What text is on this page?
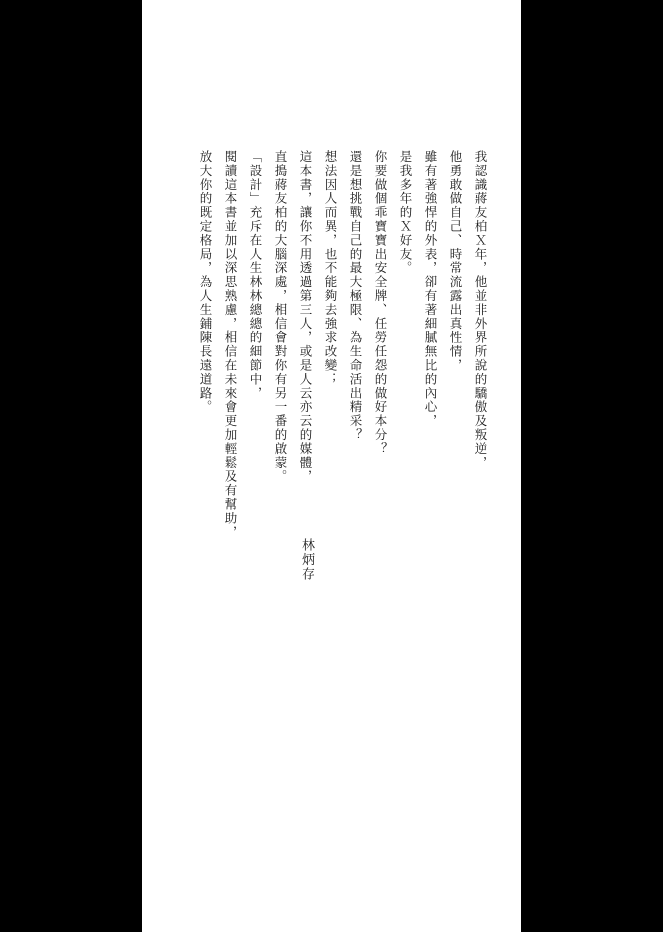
我認識蔣友柏Ｘ年，他並非外界所說的驕傲及叛逆，
他勇敢做自己、時常流露出真性情，
雖有著強悍的外表，卻有著細膩無比的內心，
是我多年的Ｘ好友。
你要做個乖寶寶出安全牌、任勞任怨的做好本分？
還是想挑戰自己的最大極限、為生命活出精采？
想法因人而異，也不能夠去強求改變；
這本書，讓你不用透過第三人，或是人云亦云的媒體，
直搗蔣友柏的大腦深處，相信會對你有另一番的啟蒙。
「設計」充斥在人生林林總總的細節中，
閱讀這本書並加以深思熟慮，相信在未來會更加輕鬆及有幫助，
放大你的既定格局，為人生鋪陳長遠道路。
林炳存
